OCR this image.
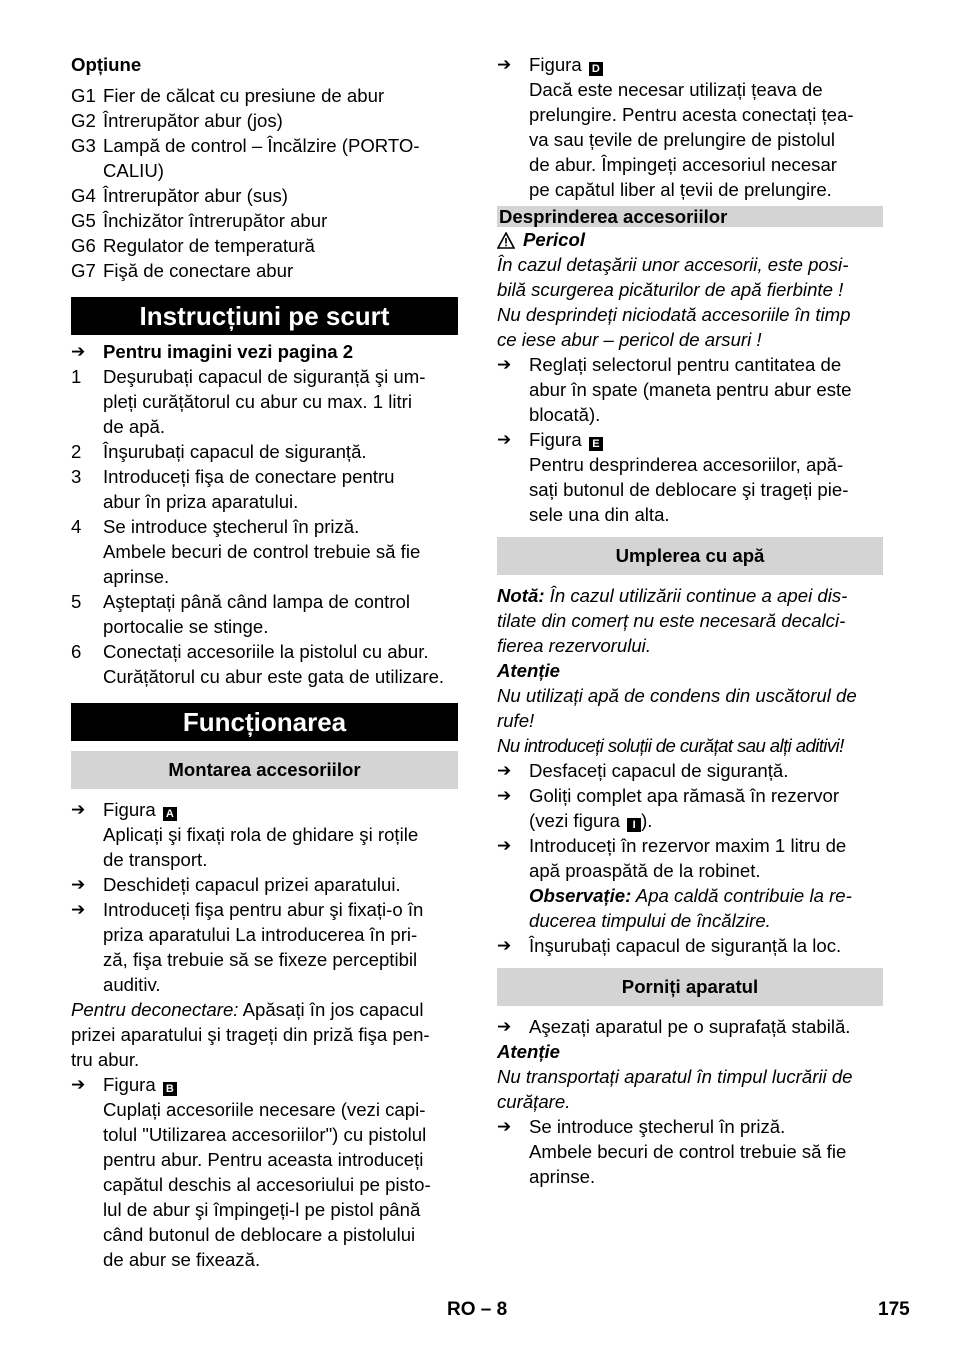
Opțiune
G1 Fier de călcat cu presiune de abur
G2 Întrerupător abur (jos)
G3 Lampă de control – Încălzire (PORTO-
CALIU)
G4 Întrerupător abur (sus)
G5 Închizător întrerupător abur
G6 Regulator de temperatură
G7 Fişă de conectare abur
Instrucțiuni pe scurt
➔ Pentru imagini vezi pagina 2
1	Deşurubați capacul de siguranță şi um-
pleți curățătorul cu abur cu max. 1 litri
de apă.
2	Înşurubați capacul de siguranță.
3	Introduceți fişa de conectare pentru
abur în priza aparatului.
4	Se introduce ştecherul în priză.
Ambele becuri de control trebuie să fie
aprinse.
5	Aşteptați până când lampa de control
portocalie se stinge.
6	Conectați accesoriile la pistolul cu abur.
Curățătorul cu abur este gata de utilizare.
Funcționarea
Montarea accesoriilor
➔ Figura A
Aplicați şi fixați rola de ghidare şi roțile
de transport.
➔ Deschideți capacul prizei aparatului.
➔ Introduceți fişa pentru abur şi fixați-o în
priza aparatului La introducerea în pri-
ză, fişa trebuie să se fixeze perceptibil
auditiv.
Pentru deconectare: Apăsați în jos capacul
prizei aparatului şi trageți din priză fişa pen-
tru abur.
➔ Figura B
Cuplați accesoriile necesare (vezi capi-
tolul "Utilizarea accesoriilor") cu pistolul
pentru abur. Pentru aceasta introduceți
capătul deschis al accesoriului pe pisto-
lul de abur şi împingeți-l pe pistol până
când butonul de deblocare a pistolului
de abur se fixează.
➔ Figura D
Dacă este necesar utilizați țeava de
prelungire. Pentru acesta conectați țea-
va sau țevile de prelungire de pistolul
de abur. Împingeți accesoriul necesar
pe capătul liber al țevii de prelungire.
Desprinderea accesoriilor
Pericol
În cazul detaşării unor accesorii, este posi-
bilă scurgerea picăturilor de apă fierbinte !
Nu desprindeți niciodată accesoriile în timp
ce iese abur – pericol de arsuri !
➔ Reglați selectorul pentru cantitatea de
abur în spate (maneta pentru abur este
blocată).
➔ Figura E
Pentru desprinderea accesoriilor, apă-
sați butonul de deblocare şi trageți pie-
sele una din alta.
Umplerea cu apă
Notă: În cazul utilizării continue a apei dis-
tilate din comerț nu este necesară decalci-
fierea rezervorului.
Atenție
Nu utilizați apă de condens din uscătorul de
rufe!
Nu introduceți soluții de curățat sau alți aditivi!
➔ Desfaceți capacul de siguranță.
➔ Goliți complet apa rămasă în rezervor
(vezi figura I ).
➔ Introduceți în rezervor maxim 1 litru de
apă proaspătă de la robinet.
Observație: Apa caldă contribuie la re-
ducerea timpului de încălzire.
➔ Înşurubați capacul de siguranță la loc.
Porniți aparatul
➔ Aşezați aparatul pe o suprafață stabilă.
Atenție
Nu transportați aparatul în timpul lucrării de
curățare.
➔ Se introduce ştecherul în priză.
Ambele becuri de control trebuie să fie
aprinse.
RO – 8	175
